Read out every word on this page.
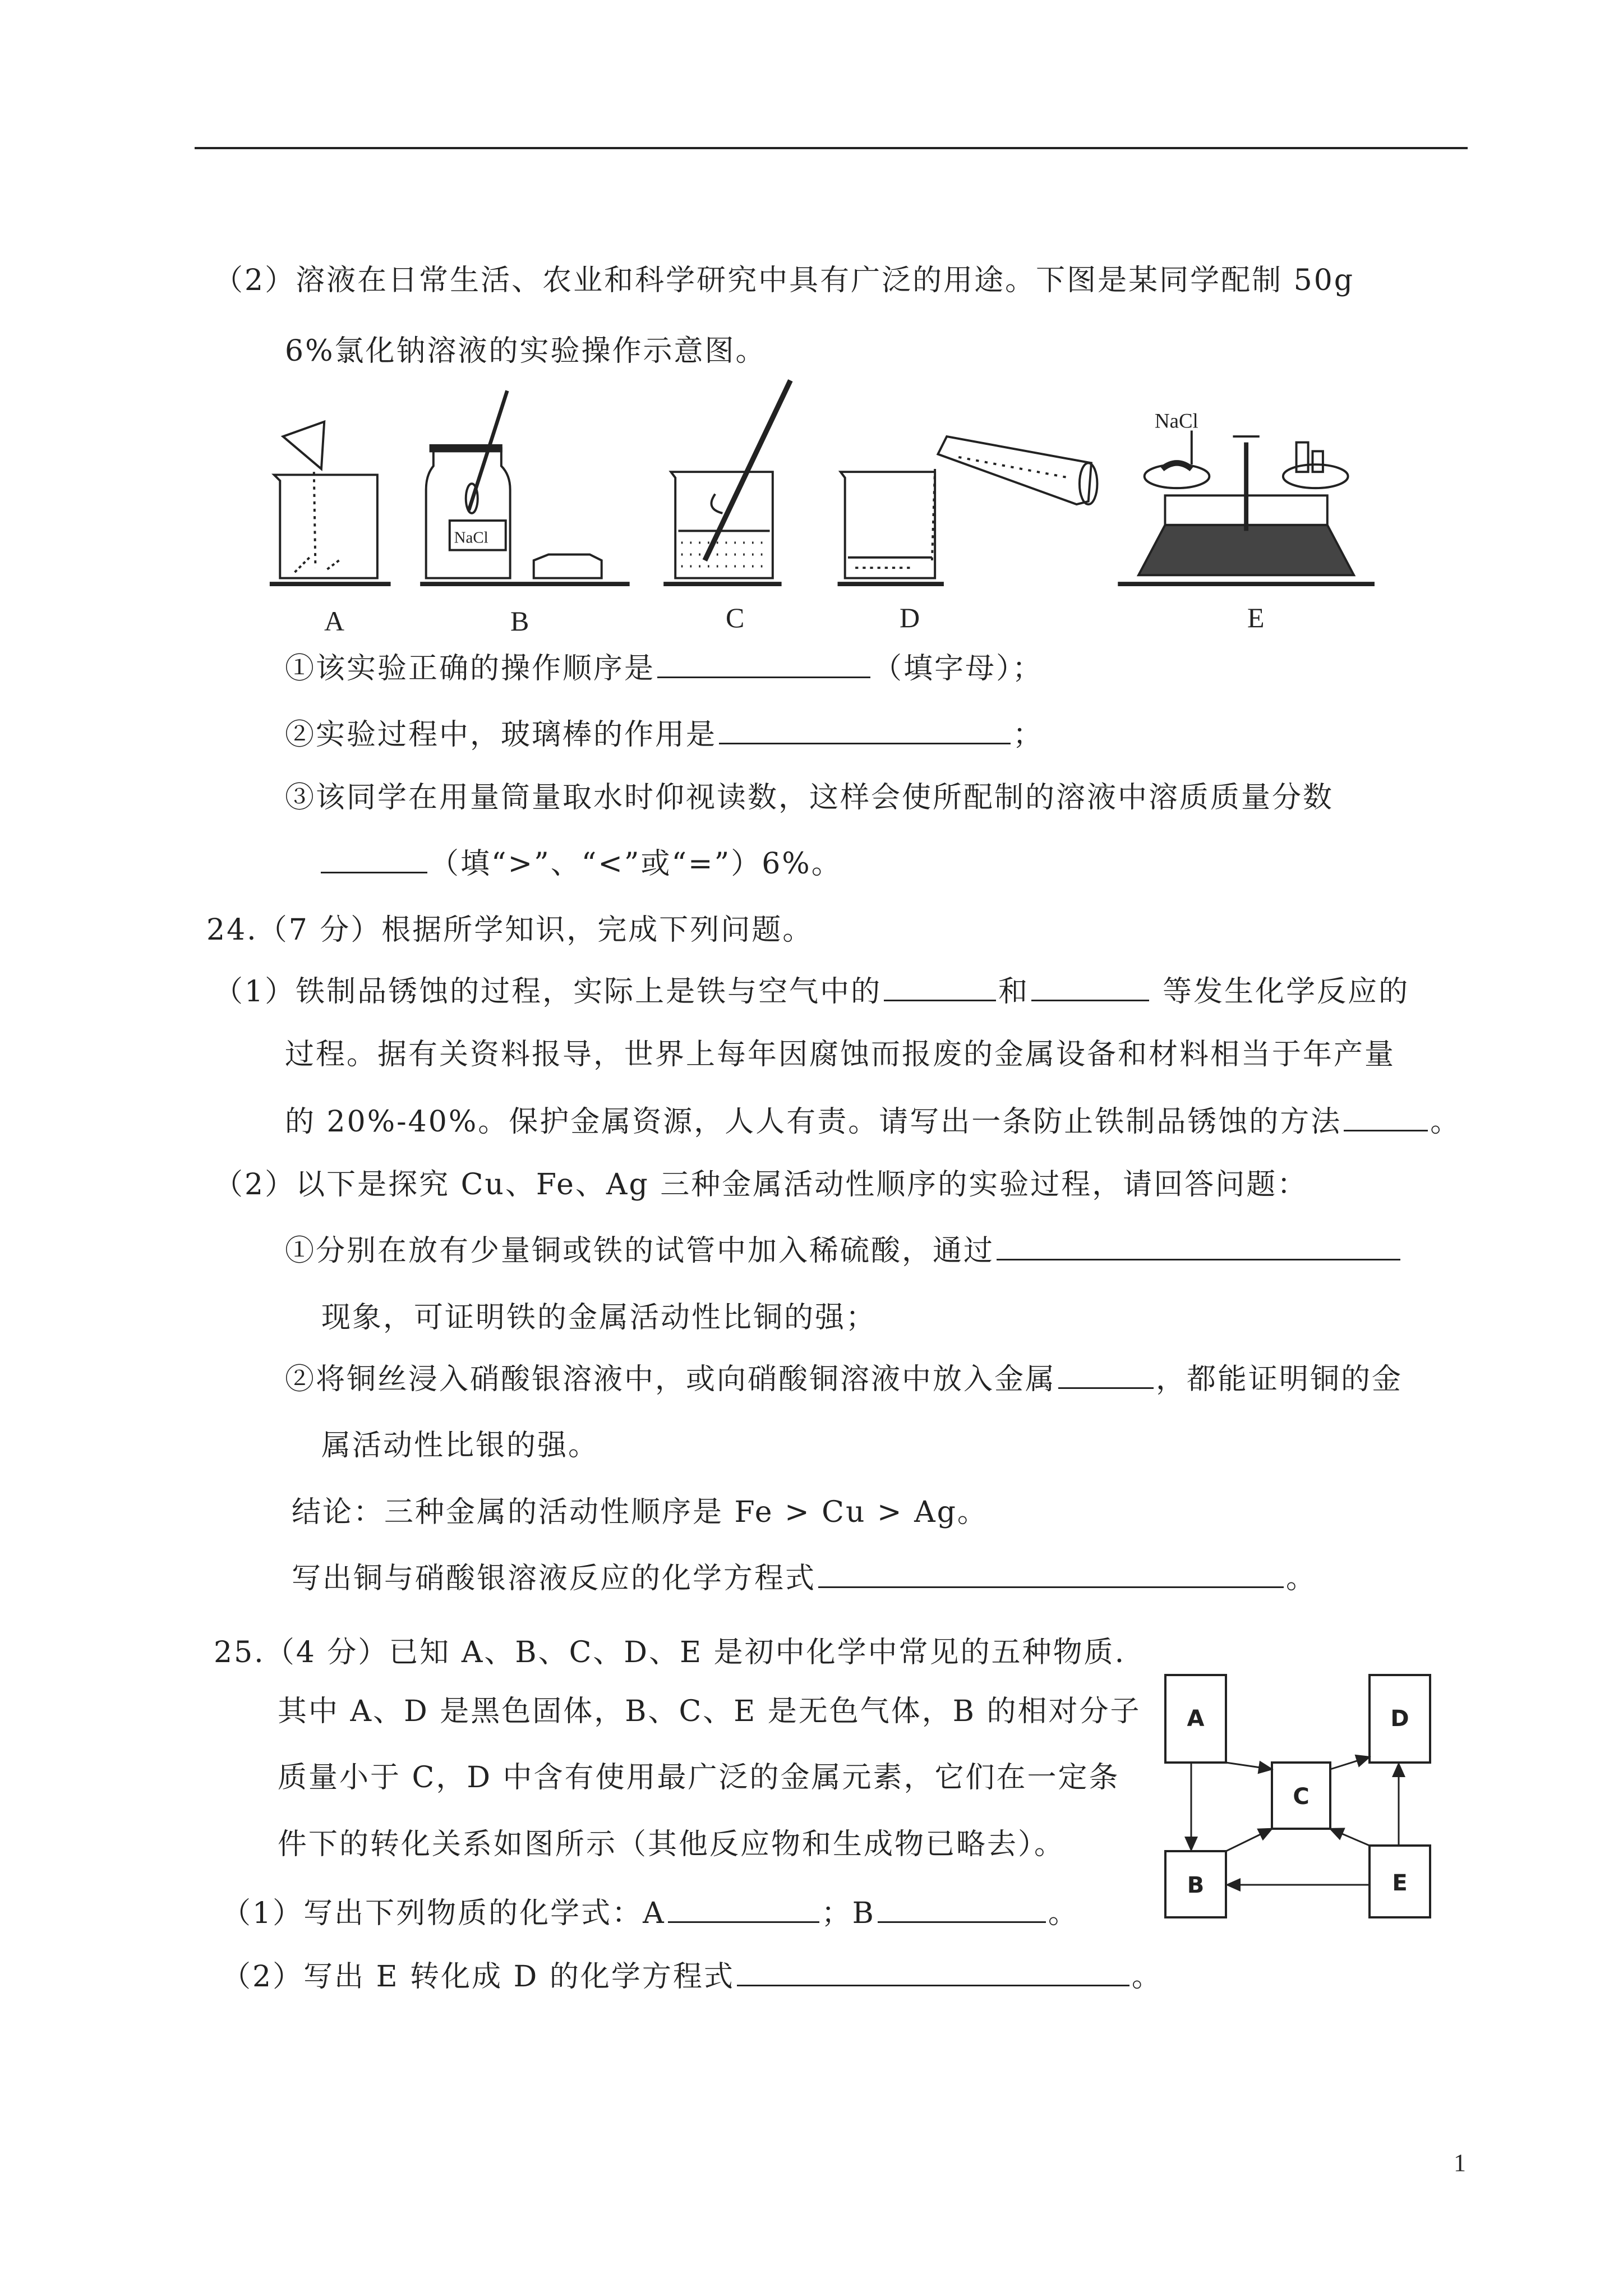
（2）溶液在日常生活、农业和科学研究中具有广泛的用途。下图是某同学配制 50g
6%氯化钠溶液的实验操作示意图。
NaCl
NaCl
A	B	C	D	E
①该实验正确的操作顺序是	（填字母）；
②实验过程中，玻璃棒的作用是	；
③该同学在用量筒量取水时仰视读数，这样会使所配制的溶液中溶质质量分数
（填“>”、“<”或“=”）6%。
24.（7 分）根据所学知识，完成下列问题。
（1）铁制品锈蚀的过程，实际上是铁与空气中的	和	等发生化学反应的
过程。据有关资料报导，世界上每年因腐蚀而报废的金属设备和材料相当于年产量
的 20%-40%。保护金属资源，人人有责。请写出一条防止铁制品锈蚀的方法	。
（2）以下是探究 Cu、Fe、Ag 三种金属活动性顺序的实验过程，请回答问题：
①分别在放有少量铜或铁的试管中加入稀硫酸，通过
现象，可证明铁的金属活动性比铜的强；
②将铜丝浸入硝酸银溶液中，或向硝酸铜溶液中放入金属	，都能证明铜的金
属活动性比银的强。
结论：三种金属的活动性顺序是 Fe > Cu > Ag。
写出铜与硝酸银溶液反应的化学方程式	。
25.（4 分）已知 A、B、C、D、E 是初中化学中常见的五种物质.
其中 A、D 是黑色固体，B、C、E 是无色气体，B 的相对分子
质量小于 C，D 中含有使用最广泛的金属元素，它们在一定条
件下的转化关系如图所示（其他反应物和生成物已略去）。
（1）写出下列物质的化学式：A	；B	。
（2）写出 E 转化成 D 的化学方程式	。
A	D
C
B	E
1
